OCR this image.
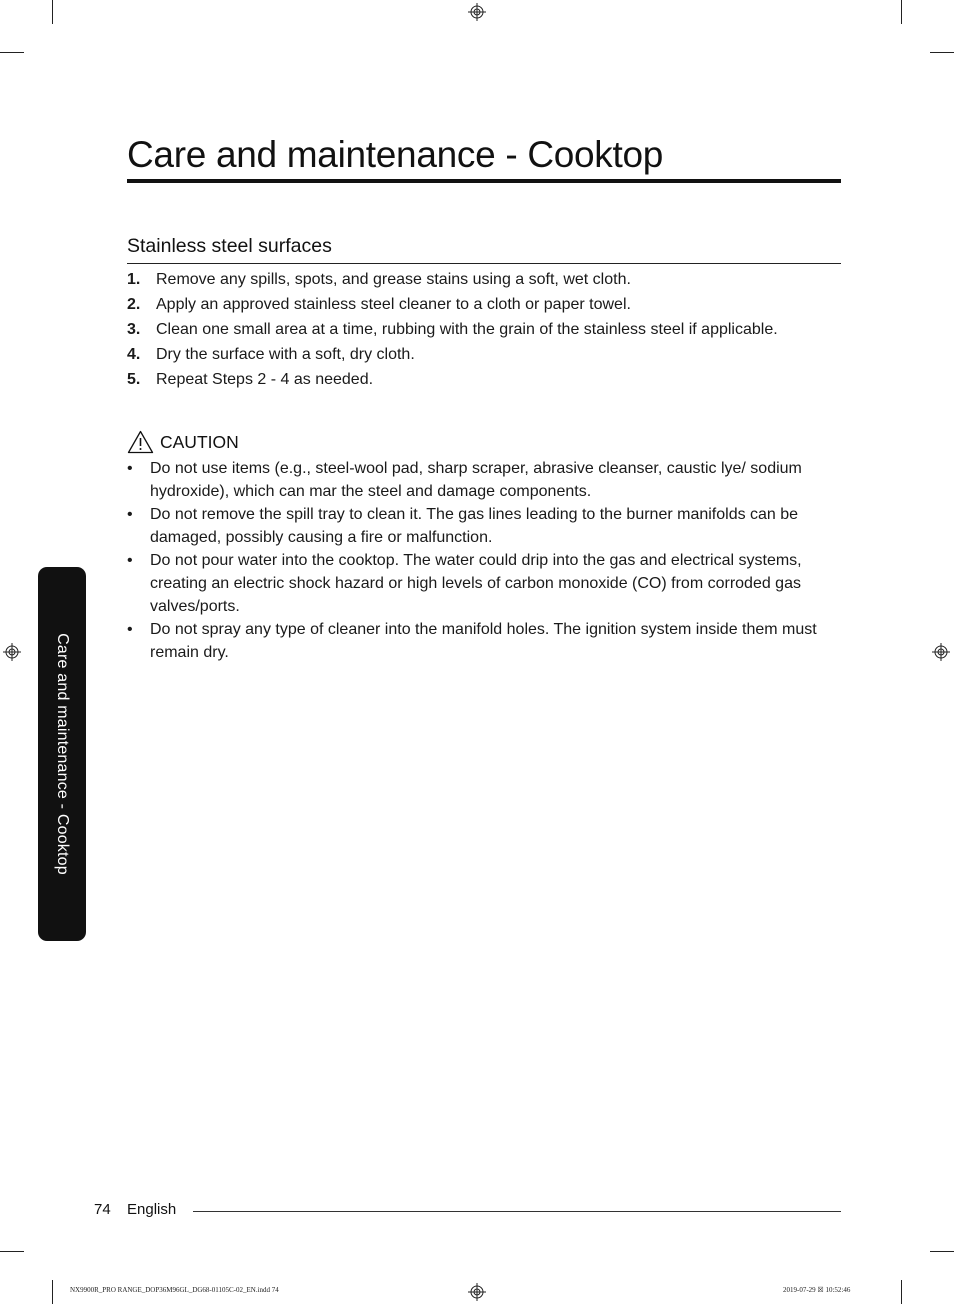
Care and maintenance - Cooktop
Stainless steel surfaces
1. Remove any spills, spots, and grease stains using a soft, wet cloth.
2. Apply an approved stainless steel cleaner to a cloth or paper towel.
3. Clean one small area at a time, rubbing with the grain of the stainless steel if applicable.
4. Dry the surface with a soft, dry cloth.
5. Repeat Steps 2 - 4 as needed.
CAUTION
• Do not use items (e.g., steel-wool pad, sharp scraper, abrasive cleanser, caustic lye/ sodium hydroxide), which can mar the steel and damage components.
• Do not remove the spill tray to clean it. The gas lines leading to the burner manifolds can be damaged, possibly causing a fire or malfunction.
• Do not pour water into the cooktop. The water could drip into the gas and electrical systems, creating an electric shock hazard or high levels of carbon monoxide (CO) from corroded gas valves/ports.
• Do not spray any type of cleaner into the manifold holes. The ignition system inside them must remain dry.
Care and maintenance - Cooktop
74 English
NX9900R_PRO RANGE_DOP36M96GL_DG68-01105C-02_EN.indd 74	2019-07-29 ☒ 10:52:46
